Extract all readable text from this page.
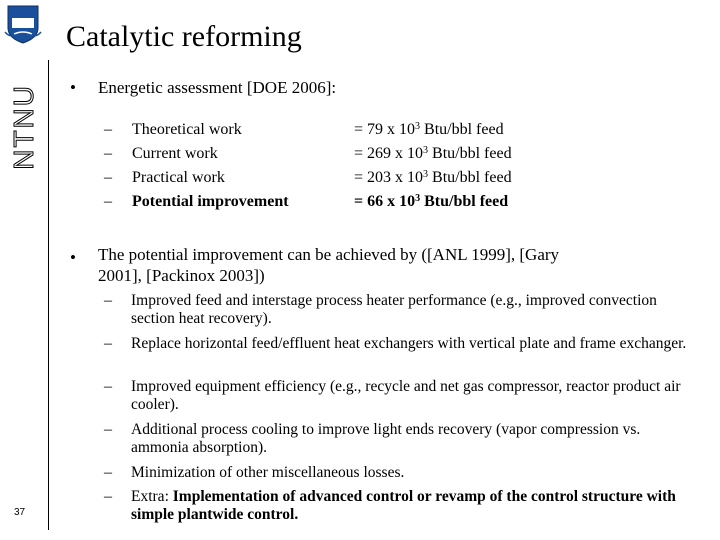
UFCG
NTNU
37
Catalytic reforming
• Energetic assessment [DOE 2006]:
– Theoretical work	= 79 x $10^3$ Btu/bbl feed
– Current work	= 269 x $10^3$ Btu/bbl feed
– Practical work	= 203 x $10^3$ Btu/bbl feed
– Potential improvement	= 66 x $10^3$ Btu/bbl feed
• The potential improvement can be achieved by ([ANL 1999], [Gary
2001], [Packinox 2003])
– Improved feed and interstage process heater performance (e.g., improved convection section heat recovery).
– Replace horizontal feed/effluent heat exchangers with vertical plate and frame exchanger.
– Improved equipment efficiency (e.g., recycle and net gas compressor, reactor product air cooler).
– Additional process cooling to improve light ends recovery (vapor compression vs. ammonia absorption).
– Minimization of other miscellaneous losses.
– Extra: Implementation of advanced control or revamp of the control structure with simple plantwide control.
